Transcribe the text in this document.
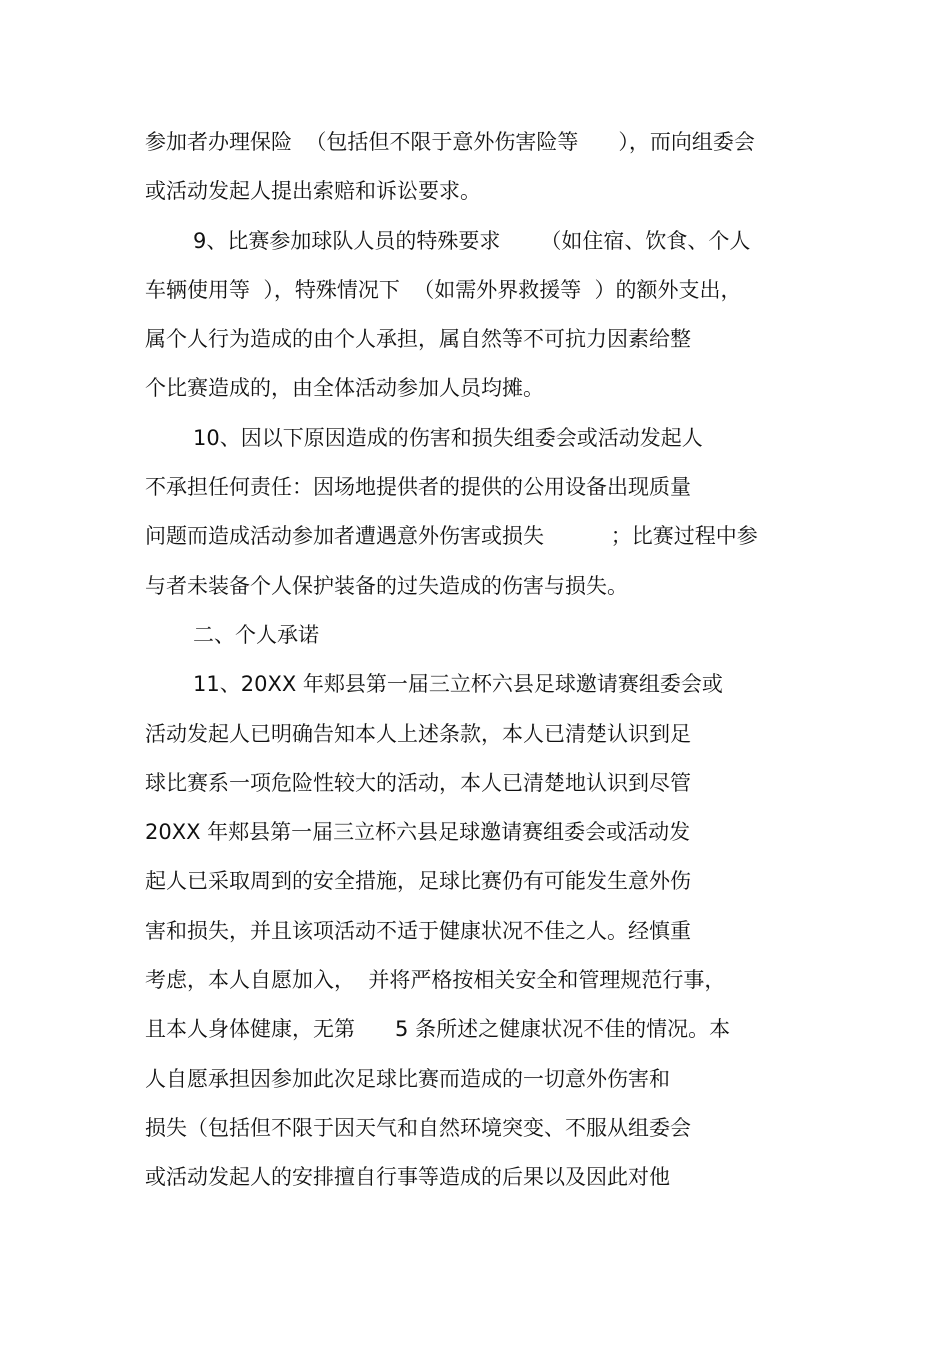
参加者办理保险  （包括但不限于意外伤害险等      ），而向组委会
或活动发起人提出索赔和诉讼要求。
9、比赛参加球队人员的特殊要求      （如住宿、饮食、个人
车辆使用等  ），特殊情况下  （如需外界救援等  ）的额外支出，
属个人行为造成的由个人承担，属自然等不可抗力因素给整
个比赛造成的，由全体活动参加人员均摊。
10、因以下原因造成的伤害和损失组委会或活动发起人
不承担任何责任：因场地提供者的提供的公用设备出现质量
问题而造成活动参加者遭遇意外伤害或损失          ；比赛过程中参
与者未装备个人保护装备的过失造成的伤害与损失。
二、个人承诺
11、20XX 年郏县第一届三立杯六县足球邀请赛组委会或
活动发起人已明确告知本人上述条款，本人已清楚认识到足
球比赛系一项危险性较大的活动，本人已清楚地认识到尽管
20XX 年郏县第一届三立杯六县足球邀请赛组委会或活动发
起人已采取周到的安全措施，足球比赛仍有可能发生意外伤
害和损失，并且该项活动不适于健康状况不佳之人。经慎重
考虑，本人自愿加入，  并将严格按相关安全和管理规范行事，
且本人身体健康，无第      5 条所述之健康状况不佳的情况。本
人自愿承担因参加此次足球比赛而造成的一切意外伤害和
损失（包括但不限于因天气和自然环境突变、不服从组委会
或活动发起人的安排擅自行事等造成的后果以及因此对他
